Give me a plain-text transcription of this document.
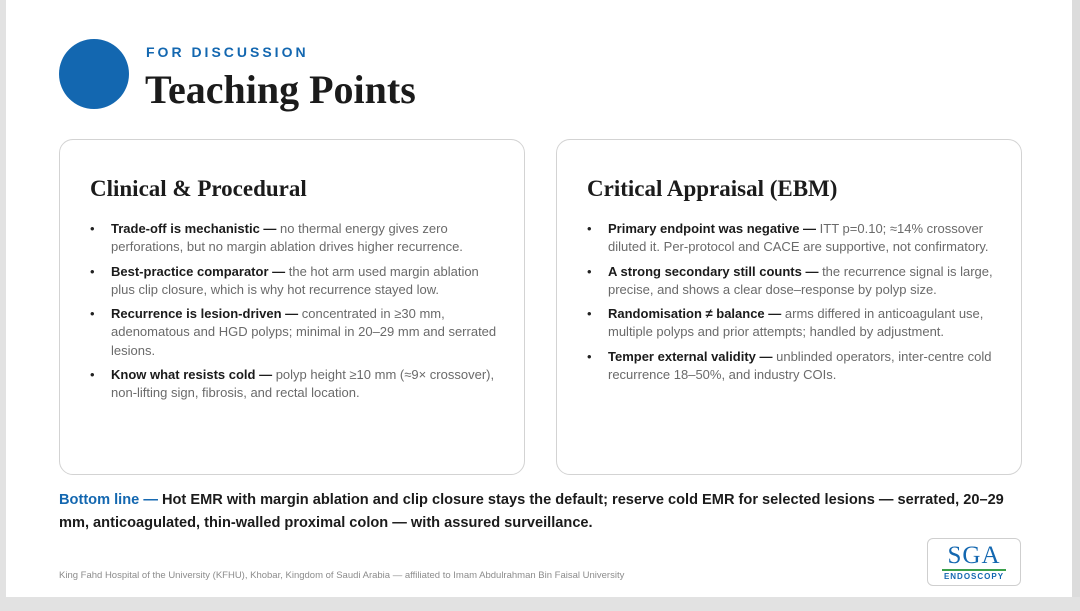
FOR DISCUSSION
Teaching Points
Clinical & Procedural
• Trade-off is mechanistic — no thermal energy gives zero perforations, but no margin ablation drives higher recurrence.
• Best-practice comparator — the hot arm used margin ablation plus clip closure, which is why hot recurrence stayed low.
• Recurrence is lesion-driven — concentrated in ≥30 mm, adenomatous and HGD polyps; minimal in 20–29 mm and serrated lesions.
• Know what resists cold — polyp height ≥10 mm (≈9× crossover), non-lifting sign, fibrosis, and rectal location.
Critical Appraisal (EBM)
• Primary endpoint was negative — ITT p=0.10; ≈14% crossover diluted it. Per-protocol and CACE are supportive, not confirmatory.
• A strong secondary still counts — the recurrence signal is large, precise, and shows a clear dose–response by polyp size.
• Randomisation ≠ balance — arms differed in anticoagulant use, multiple polyps and prior attempts; handled by adjustment.
• Temper external validity — unblinded operators, inter-centre cold recurrence 18–50%, and industry COIs.
Bottom line — Hot EMR with margin ablation and clip closure stays the default; reserve cold EMR for selected lesions — serrated, 20–29 mm, anticoagulated, thin-walled proximal colon — with assured surveillance.
King Fahd Hospital of the University (KFHU), Khobar, Kingdom of Saudi Arabia — affiliated to Imam Abdulrahman Bin Faisal University
SGA
ENDOSCOPY
